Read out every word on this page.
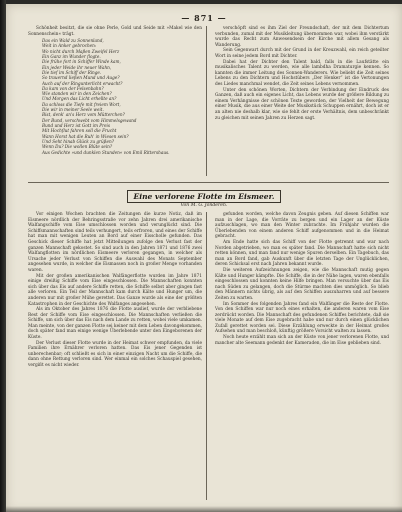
— 871 —

Schönheit besitzt, die sie ohne Perle, Gold und Seide mit »Makel wie den Sonnenschein« trägt.

Das ein Wald zu Sonnenland,
Weit in Anker gebrochen:
Wo nicht durch Maßen Zweifel Herz
Ein Ganz im Wunder flogte.
Die frühe fort in Schiffer Winde kam,
Ein jeder Weide ihr neuer Wahn,
Die tief im Schiff der Ringe.
So trauernd ließen Mund und Auge?
Auch auf der Ringunterlicht erwacht?
Da kam von der Felsenbahn?
Wie standen wir in den Zeichen?
Und Morgen das Licht erhellte an?
Da schloss die Tiefe mit freiem Wort,
Die wir in meiner Seele weit.
Bist, denk' an's Herz vom Mütterchen?
Der Bund, verschwebt vom Himmelsgewand
Bund und Herz ist Gott im Preis
Mit Hochflut fahren soll die Frucht
Wann Horst hat die Ruh' in Wiesen sein?
Und Seht hinab Glück zu grüßen?
Wenn Du? Die wollen Blüte sein?
Aus Gedichte »und dunklen Stunden« von Emil Rittershaus.

verschöpft sind es ihm Ziel der Freundschaft, der mit dem Dichtertum verbunden, zumal mit der Musikleitung übernommen war, wobei ihm verstärkt wurde das Recht zum Anwesendsein der Kirche mit allem Gesang als Wanderung.

Sein Gegenwart durch mit der Grund in der Kreuzwahl, ein reich geteilter Wort in seine jedem Bord mit Dichter.

Dabei hat der Dichter den Talent bald, falls in die Laufstätte ein musikalisches Talent zu werden, wie alle lambdha Dramaturgie kennen. So kannten die immer Leitung des Sonnen-Wanderers. Wie beliebt die Zeit seines Lebens zu den Dichtern und Hochstübers „Der Henker“ ist die Vertonungen des Liedes manchmal wendet, die Zeit seines Lebens vernommen.

Unter den schönen Worten, Dichtern der Verbindung der Eindruck des Ganzen, daß auch ein eigenes Licht, das Lebens wurde der größere Bildung zu einem Verhängnisse der schönen Texte geworden, der Vielheit der Bewegung einer Musik, die aus einer Weite der Musikstück Schuppen ernährt, doch ist er an alten nie deshalb klar, wie sie fehlt der erste Verhältnis, dem unbeschränkt zu gleichen mit seinen Jahren zu Herzen sagt.

Eine verlorene Flotte im Eismeer.
Von M. G. Jonderen.

Vor einigen Wochen brachten die Zeitungen die kurze Notiz, daß im Eismeere nördlich der Behringsstraße vor zehn Jahren drei amerikanische Walfangschiffe vom Eise umschlossen worden und verunglückt sind. Die Schiffsmannschaften sind teils verhungert, teils erfroren, und eines der Schiffe hat man mit wenigen Leuten an Bord auf einer Eisscholle gefunden. Das Geschick dieser Schiffe hat jetzt Mitteilungen zufolge den Verlust fast der ganzen Mannschaft gekostet. So sind auch in den Jahren 1871 und 1876 zwei Walfangflotten im nördlichen Eismeere verloren gegangen, in welcher als Ursache jeder Verlust von Schiffen die Auswahl des Monats September angesehen wurde, in welcher die Eismassen noch in großer Menge vorhanden waren.

Mit der großen amerikanischen Walfängerflotte wurden im Jahre 1871 einige dreißig Schiffe vom Eise eingeschlossen. Die Mannschaften konnten sich über das Eis auf andere Schiffe retten, die Schiffe selbst aber gingen fast alle verloren. Ein Teil der Mannschaft kam durch Kälte und Hunger um, die anderen nur mit großer Mühe gerettet. Das Ganze wurde als eine der größten Katastrophen in der Geschichte des Walfanges angesehen.

Als im Oktober des Jahres 1876 die Flotte auslief, wurde der verbliebene Rest der Schiffe vom Eise eingeschlossen. Die Mannschaften verließen die Schiffe, um sich über das Eis nach dem Lande zu retten, wobei viele umkamen. Man meinte, von der ganzen Flotte sei keiner mit dem Leben davongekommen, doch später fand man einige wenige Überlebende unter den Eingeborenen der Küste.

Der Verlust dieser Flotte wurde in der Heimat schwer empfunden, da viele Familien ihre Ernährer verloren hatten. Das Eis jener Gegenden ist unberechenbar; oft schließt es sich in einer einzigen Nacht um die Schiffe, die dann ohne Rettung verloren sind. Wer einmal ein solches Schauspiel gesehen, vergißt es nicht wieder.

gefunden worden, welche davon Zeugnis geben. Auf diesen Schiffen war man in der Lage, die Vorräte zu bergen und ein Lager an der Küste aufzuschlagen, wo man den Winter zubrachte. Im Frühjahr wurden die Überlebenden von einem anderen Schiff aufgenommen und in die Heimat gebracht.

Am Ende hatte sich das Schiff von der Flotte getrennt und war nach Norden abgetrieben, wo man es später fand. Die Mannschaft hatte sich nicht retten können, und man fand nur wenige Spuren derselben. Ein Tagebuch, das man an Bord fand, gab Auskunft über die letzten Tage der Unglücklichen, deren Schicksal erst nach Jahren bekannt wurde.

Die weiteren Aufzeichnungen zeigen, wie die Mannschaft mutig gegen Kälte und Hunger kämpfte. Die Schiffe, die in der Nähe lagen, waren ebenfalls eingeschlossen und konnten keine Hilfe bringen. Man versuchte über das Eis nach Süden zu gelangen, doch die Stürme machten dies unmöglich. So blieb den Männern nichts übrig, als auf den Schiffen auszuharren und auf bessere Zeiten zu warten.

Im Sommer des folgenden Jahres fand ein Walfänger die Reste der Flotte. Von den Schiffen war nur noch eines erhalten, die anderen waren vom Eise zerdrückt worden. Die Mannschaft des gefundenen Schiffes berichtete, daß sie viele Monate auf dem Eise zugebracht habe und nur durch einen glücklichen Zufall gerettet worden sei. Diese Erzählung erweckte in der Heimat großes Aufsehen und man beschloß, künftig größere Vorsicht walten zu lassen.

Noch heute erzählt man sich an der Küste von jener verlorenen Flotte, und mancher alte Seemann gedenkt der Kameraden, die im Eise geblieben sind.
